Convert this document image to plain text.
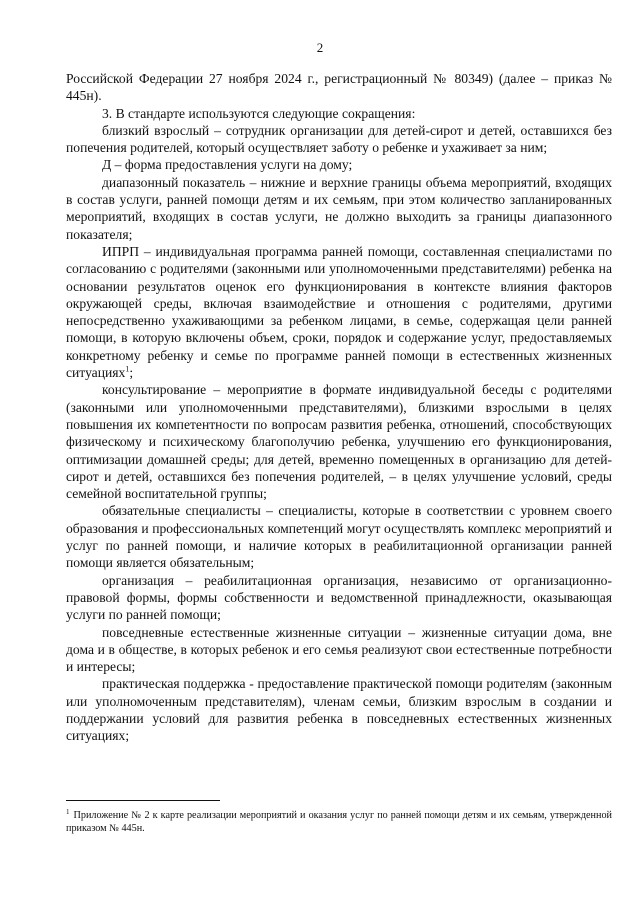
2

Российской Федерации 27 ноября 2024 г., регистрационный № 80349) (далее – приказ № 445н).

3. В стандарте используются следующие сокращения:

близкий взрослый – сотрудник организации для детей-сирот и детей, оставшихся без попечения родителей, который осуществляет заботу о ребенке и ухаживает за ним;

Д – форма предоставления услуги на дому;

диапазонный показатель – нижние и верхние границы объема мероприятий, входящих в состав услуги, ранней помощи детям и их семьям, при этом количество запланированных мероприятий, входящих в состав услуги, не должно выходить за границы диапазонного показателя;

ИПРП – индивидуальная программа ранней помощи, составленная специалистами по согласованию с родителями (законными или уполномоченными представителями) ребенка на основании результатов оценок его функционирования в контексте влияния факторов окружающей среды, включая взаимодействие и отношения с родителями, другими непосредственно ухаживающими за ребенком лицами, в семье, содержащая цели ранней помощи, в которую включены объем, сроки, порядок и содержание услуг, предоставляемых конкретному ребенку и семье по программе ранней помощи в естественных жизненных ситуациях$^1$;

консультирование – мероприятие в формате индивидуальной беседы с родителями (законными или уполномоченными представителями), близкими взрослыми в целях повышения их компетентности по вопросам развития ребенка, отношений, способствующих физическому и психическому благополучию ребенка, улучшению его функционирования, оптимизации домашней среды; для детей, временно помещенных в организацию для детей-сирот и детей, оставшихся без попечения родителей, – в целях улучшение условий, среды семейной воспитательной группы;

обязательные специалисты – специалисты, которые в соответствии с уровнем своего образования и профессиональных компетенций могут осуществлять комплекс мероприятий и услуг по ранней помощи, и наличие которых в реабилитационной организации ранней помощи является обязательным;

организация – реабилитационная организация, независимо от организационно-правовой формы, формы собственности и ведомственной принадлежности, оказывающая услуги по ранней помощи;

повседневные естественные жизненные ситуации – жизненные ситуации дома, вне дома и в обществе, в которых ребенок и его семья реализуют свои естественные потребности и интересы;

практическая поддержка - предоставление практической помощи родителям (законным или уполномоченным представителям), членам семьи, близким взрослым в создании и поддержании условий для развития ребенка в повседневных естественных жизненных ситуациях;

$^1$ Приложение № 2 к карте реализации мероприятий и оказания услуг по ранней помощи детям и их семьям, утвержденной приказом № 445н.
